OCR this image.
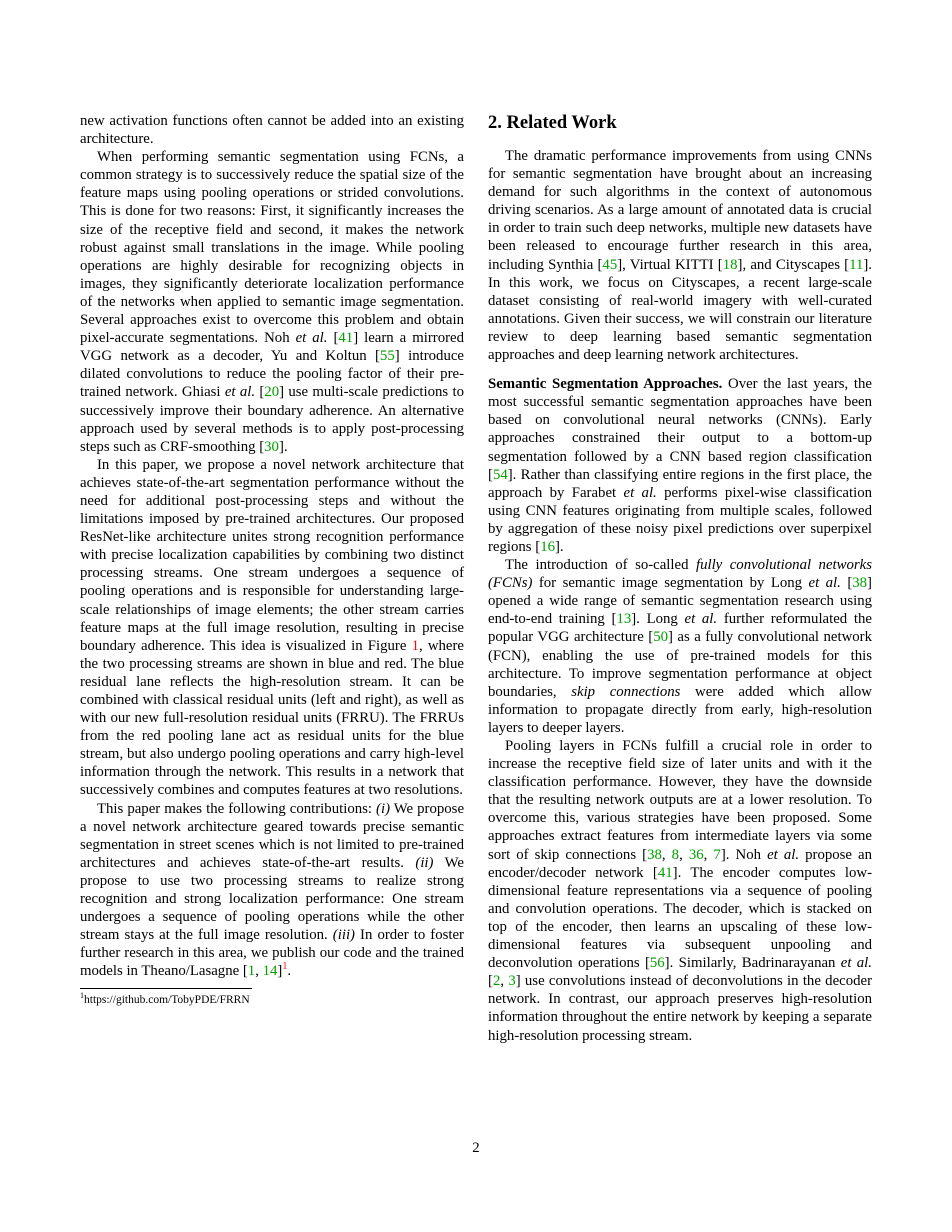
new activation functions often cannot be added into an existing architecture.

When performing semantic segmentation using FCNs, a common strategy is to successively reduce the spatial size of the feature maps using pooling operations or strided convolutions. This is done for two reasons: First, it significantly increases the size of the receptive field and second, it makes the network robust against small translations in the image. While pooling operations are highly desirable for recognizing objects in images, they significantly deteriorate localization performance of the networks when applied to semantic image segmentation. Several approaches exist to overcome this problem and obtain pixel-accurate segmentations. Noh et al. [41] learn a mirrored VGG network as a decoder, Yu and Koltun [55] introduce dilated convolutions to reduce the pooling factor of their pre-trained network. Ghiasi et al. [20] use multi-scale predictions to successively improve their boundary adherence. An alternative approach used by several methods is to apply post-processing steps such as CRF-smoothing [30].

In this paper, we propose a novel network architecture that achieves state-of-the-art segmentation performance without the need for additional post-processing steps and without the limitations imposed by pre-trained architectures. Our proposed ResNet-like architecture unites strong recognition performance with precise localization capabilities by combining two distinct processing streams. One stream undergoes a sequence of pooling operations and is responsible for understanding large-scale relationships of image elements; the other stream carries feature maps at the full image resolution, resulting in precise boundary adherence. This idea is visualized in Figure 1, where the two processing streams are shown in blue and red. The blue residual lane reflects the high-resolution stream. It can be combined with classical residual units (left and right), as well as with our new full-resolution residual units (FRRU). The FRRUs from the red pooling lane act as residual units for the blue stream, but also undergo pooling operations and carry high-level information through the network. This results in a network that successively combines and computes features at two resolutions.

This paper makes the following contributions: (i) We propose a novel network architecture geared towards precise semantic segmentation in street scenes which is not limited to pre-trained architectures and achieves state-of-the-art results. (ii) We propose to use two processing streams to realize strong recognition and strong localization performance: One stream undergoes a sequence of pooling operations while the other stream stays at the full image resolution. (iii) In order to foster further research in this area, we publish our code and the trained models in Theano/Lasagne [1, 14]$^1$.

$^1$https://github.com/TobyPDE/FRRN
2. Related Work

The dramatic performance improvements from using CNNs for semantic segmentation have brought about an increasing demand for such algorithms in the context of autonomous driving scenarios. As a large amount of annotated data is crucial in order to train such deep networks, multiple new datasets have been released to encourage further research in this area, including Synthia [45], Virtual KITTI [18], and Cityscapes [11]. In this work, we focus on Cityscapes, a recent large-scale dataset consisting of real-world imagery with well-curated annotations. Given their success, we will constrain our literature review to deep learning based semantic segmentation approaches and deep learning network architectures.

Semantic Segmentation Approaches. Over the last years, the most successful semantic segmentation approaches have been based on convolutional neural networks (CNNs). Early approaches constrained their output to a bottom-up segmentation followed by a CNN based region classification [54]. Rather than classifying entire regions in the first place, the approach by Farabet et al. performs pixel-wise classification using CNN features originating from multiple scales, followed by aggregation of these noisy pixel predictions over superpixel regions [16].

The introduction of so-called fully convolutional networks (FCNs) for semantic image segmentation by Long et al. [38] opened a wide range of semantic segmentation research using end-to-end training [13]. Long et al. further reformulated the popular VGG architecture [50] as a fully convolutional network (FCN), enabling the use of pre-trained models for this architecture. To improve segmentation performance at object boundaries, skip connections were added which allow information to propagate directly from early, high-resolution layers to deeper layers.

Pooling layers in FCNs fulfill a crucial role in order to increase the receptive field size of later units and with it the classification performance. However, they have the downside that the resulting network outputs are at a lower resolution. To overcome this, various strategies have been proposed. Some approaches extract features from intermediate layers via some sort of skip connections [38, 8, 36, 7]. Noh et al. propose an encoder/decoder network [41]. The encoder computes low-dimensional feature representations via a sequence of pooling and convolution operations. The decoder, which is stacked on top of the encoder, then learns an upscaling of these low-dimensional features via subsequent unpooling and deconvolution operations [56]. Similarly, Badrinarayanan et al. [2, 3] use convolutions instead of deconvolutions in the decoder network. In contrast, our approach preserves high-resolution information throughout the entire network by keeping a separate high-resolution processing stream.

2
